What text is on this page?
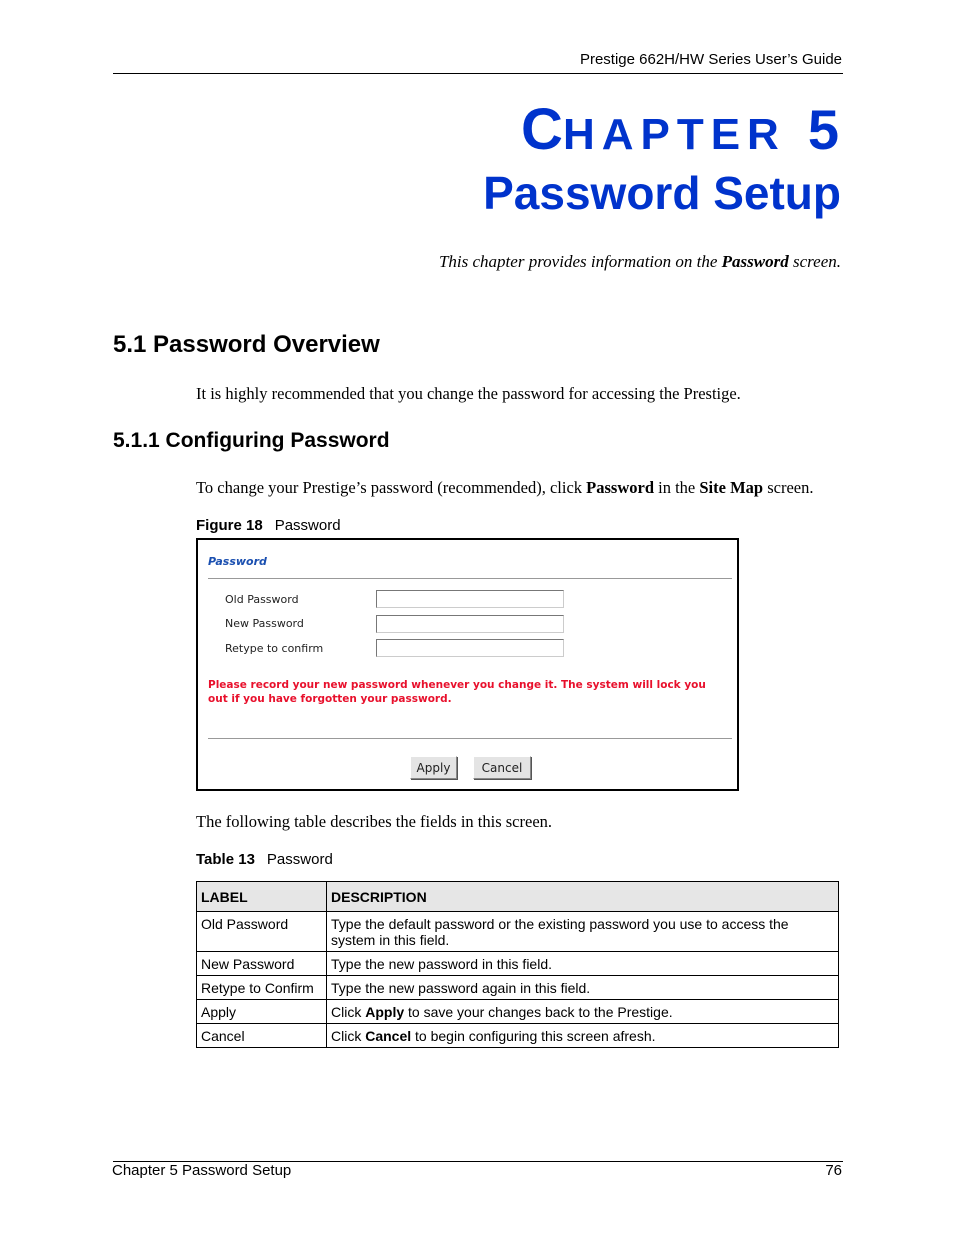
Prestige 662H/HW Series User’s Guide
CHAPTER 5
Password Setup
This chapter provides information on the Password screen.
5.1 Password Overview
It is highly recommended that you change the password for accessing the Prestige.
5.1.1 Configuring Password
To change your Prestige’s password (recommended), click Password in the Site Map screen.
Figure 18 Password
Password
Old Password
New Password
Retype to confirm
Please record your new password whenever you change it. The system will lock you out if you have forgotten your password.
Apply	Cancel
The following table describes the fields in this screen.
Table 13 Password
LABEL	DESCRIPTION
Old Password	Type the default password or the existing password you use to access the system in this field.
New Password	Type the new password in this field.
Retype to Confirm	Type the new password again in this field.
Apply	Click Apply to save your changes back to the Prestige.
Cancel	Click Cancel to begin configuring this screen afresh.
Chapter 5 Password Setup	76
